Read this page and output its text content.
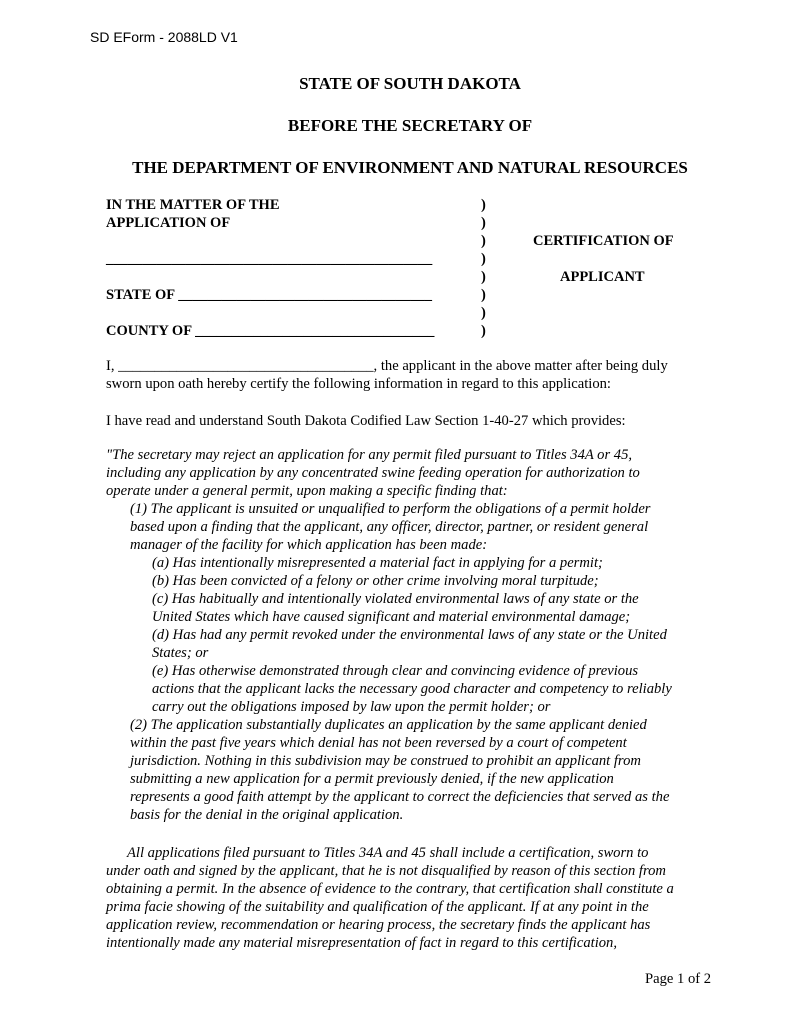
SD EForm - 2088LD V1
STATE OF SOUTH DAKOTA
BEFORE THE SECRETARY OF
THE DEPARTMENT OF ENVIRONMENT AND NATURAL RESOURCES
IN THE MATTER OF THE
APPLICATION OF
_____________________________________________
STATE OF ___________________________________
COUNTY OF _________________________________
)
)
)
)
)
)
)
)
CERTIFICATION OF
APPLICANT
I, ___________________________________, the applicant in the above matter after being duly
sworn upon oath hereby certify the following information in regard to this application:
I have read and understand South Dakota Codified Law Section 1-40-27 which provides:
"The secretary may reject an application for any permit filed pursuant to Titles 34A or 45,
including any application by any concentrated swine feeding operation for authorization to
operate under a general permit, upon making a specific finding that:
(1) The applicant is unsuited or unqualified to perform the obligations of a permit holder
based upon a finding that the applicant, any officer, director, partner, or resident general
manager of the facility for which application has been made:
(a) Has intentionally misrepresented a material fact in applying for a permit;
(b) Has been convicted of a felony or other crime involving moral turpitude;
(c) Has habitually and intentionally violated environmental laws of any state or the
United States which have caused significant and material environmental damage;
(d) Has had any permit revoked under the environmental laws of any state or the United
States; or
(e) Has otherwise demonstrated through clear and convincing evidence of previous
actions that the applicant lacks the necessary good character and competency to reliably
carry out the obligations imposed by law upon the permit holder; or
(2) The application substantially duplicates an application by the same applicant denied
within the past five years which denial has not been reversed by a court of competent
jurisdiction. Nothing in this subdivision may be construed to prohibit an applicant from
submitting a new application for a permit previously denied, if the new application
represents a good faith attempt by the applicant to correct the deficiencies that served as the
basis for the denial in the original application.
All applications filed pursuant to Titles 34A and 45 shall include a certification, sworn to
under oath and signed by the applicant, that he is not disqualified by reason of this section from
obtaining a permit. In the absence of evidence to the contrary, that certification shall constitute a
prima facie showing of the suitability and qualification of the applicant. If at any point in the
application review, recommendation or hearing process, the secretary finds the applicant has
intentionally made any material misrepresentation of fact in regard to this certification,
Page 1 of 2
